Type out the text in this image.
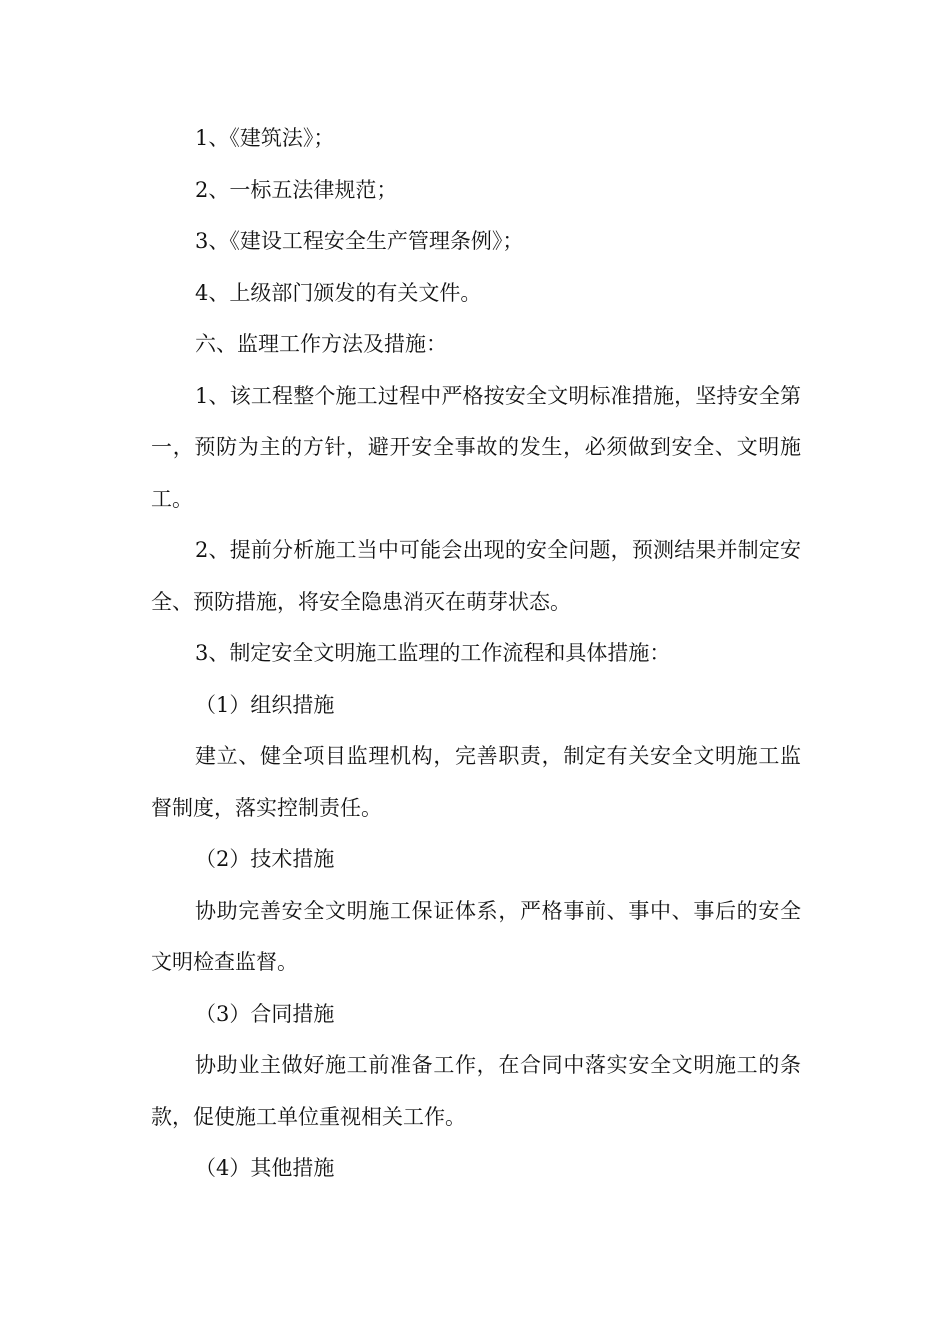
1、《建筑法》；

2、一标五法律规范；

3、《建设工程安全生产管理条例》；

4、上级部门颁发的有关文件。

六、监理工作方法及措施：

1、该工程整个施工过程中严格按安全文明标准措施，坚持安全第一，预防为主的方针，避开安全事故的发生，必须做到安全、文明施工。

2、提前分析施工当中可能会出现的安全问题，预测结果并制定安全、预防措施，将安全隐患消灭在萌芽状态。

3、制定安全文明施工监理的工作流程和具体措施：

（1）组织措施

建立、健全项目监理机构，完善职责，制定有关安全文明施工监督制度，落实控制责任。

（2）技术措施

协助完善安全文明施工保证体系，严格事前、事中、事后的安全文明检查监督。

（3）合同措施

协助业主做好施工前准备工作，在合同中落实安全文明施工的条款，促使施工单位重视相关工作。

（4）其他措施
